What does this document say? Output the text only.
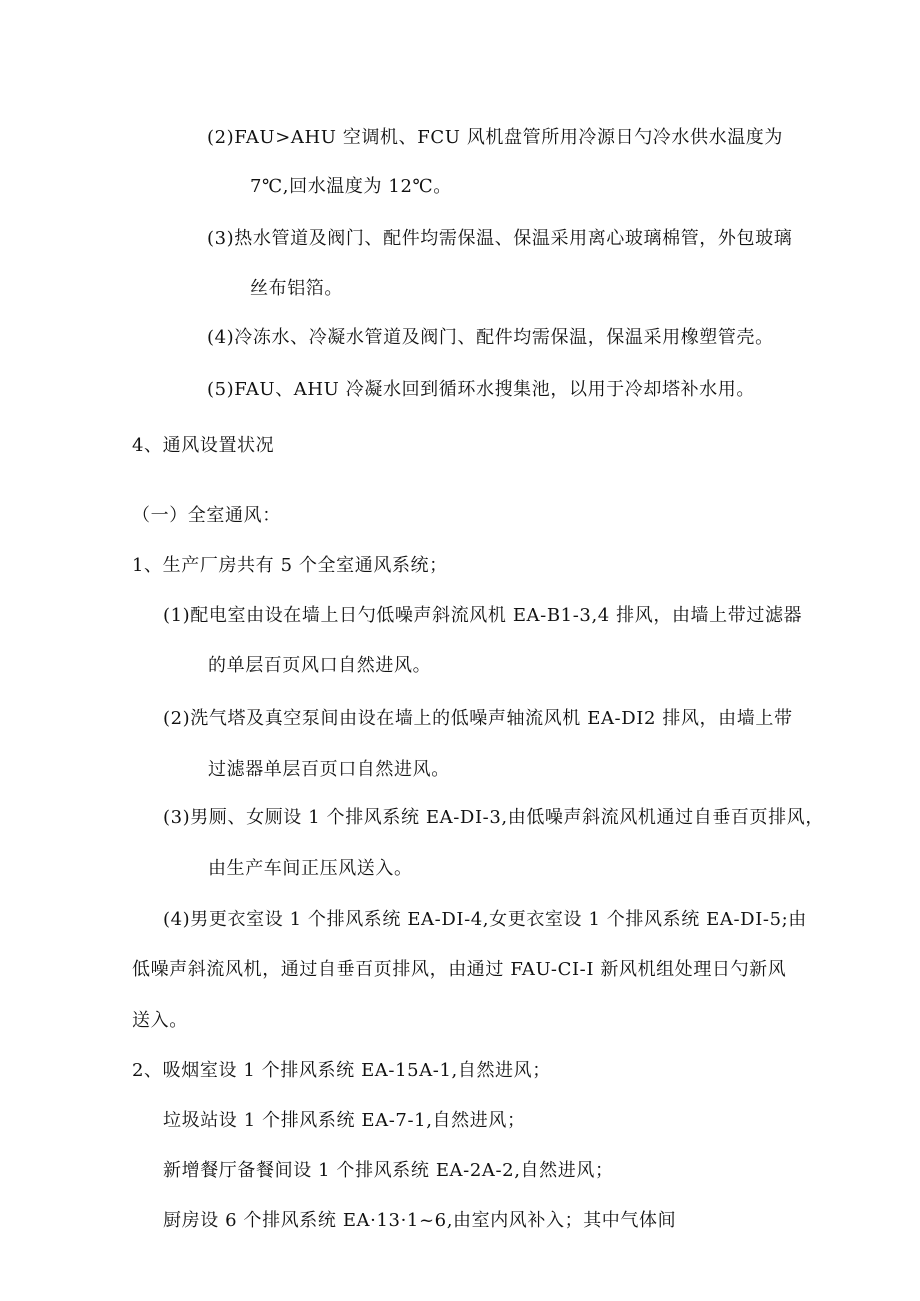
(2)FAU>AHU 空调机、FCU 风机盘管所用冷源日勺冷水供水温度为
7℃,回水温度为 12℃。
(3)热水管道及阀门、配件均需保温、保温采用离心玻璃棉管，外包玻璃
丝布铝箔。
(4)冷冻水、冷凝水管道及阀门、配件均需保温，保温采用橡塑管壳。
(5)FAU、AHU 冷凝水回到循环水搜集池，以用于冷却塔补水用。
4、通风设置状况
（一）全室通风：
1、生产厂房共有 5 个全室通风系统；
(1)配电室由设在墙上日勺低噪声斜流风机 EA-B1-3,4 排风，由墙上带过滤器
的单层百页风口自然进风。
(2)洗气塔及真空泵间由设在墙上的低噪声轴流风机 EA-DI2 排风，由墙上带
过滤器单层百页口自然进风。
(3)男厕、女厕设 1 个排风系统 EA-DI-3,由低噪声斜流风机通过自垂百页排风，
由生产车间正压风送入。
(4)男更衣室设 1 个排风系统 EA-DI-4,女更衣室设 1 个排风系统 EA-DI-5;由
低噪声斜流风机，通过自垂百页排风，由通过 FAU-CI-I 新风机组处理日勺新风
送入。
2、吸烟室设 1 个排风系统 EA-15A-1,自然进风；
垃圾站设 1 个排风系统 EA-7-1,自然进风；
新增餐厅备餐间设 1 个排风系统 EA-2A-2,自然进风；
厨房设 6 个排风系统 EA·13·1~6,由室内风补入；其中气体间
